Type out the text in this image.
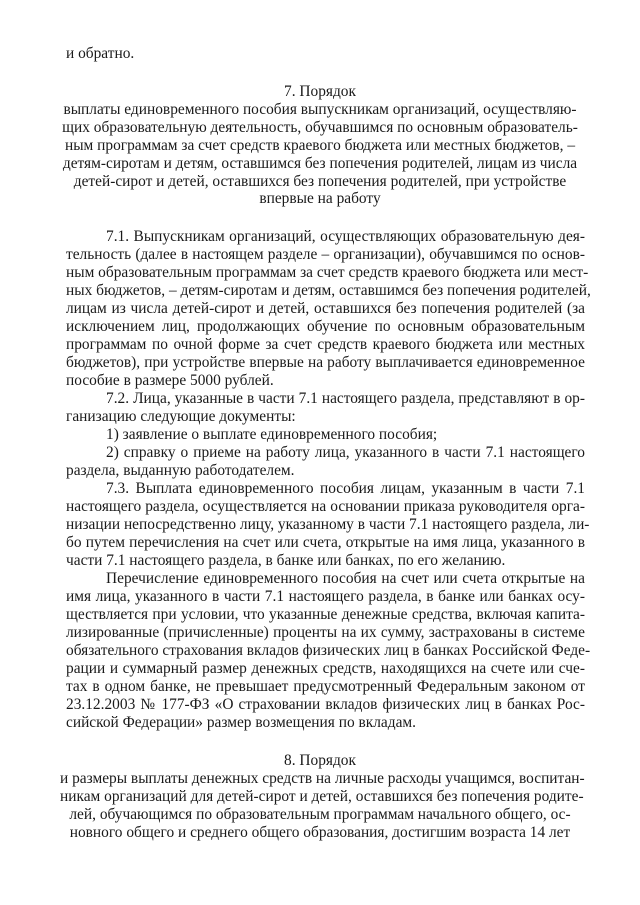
и обратно.
7. Порядок
выплаты единовременного пособия выпускникам организаций, осуществляю-
щих образовательную деятельность, обучавшимся по основным образователь-
ным программам за счет средств краевого бюджета или местных бюджетов, –
детям-сиротам и детям, оставшимся без попечения родителей, лицам из числа
детей-сирот и детей, оставшихся без попечения родителей, при устройстве
впервые на работу
7.1. Выпускникам организаций, осуществляющих образовательную дея-
тельность (далее в настоящем разделе – организации), обучавшимся по основ-
ным образовательным программам за счет средств краевого бюджета или мест-
ных бюджетов, – детям-сиротам и детям, оставшимся без попечения родителей,
лицам из числа детей-сирот и детей, оставшихся без попечения родителей (за
исключением лиц, продолжающих обучение по основным образовательным
программам по очной форме за счет средств краевого бюджета или местных
бюджетов), при устройстве впервые на работу выплачивается единовременное
пособие в размере 5000 рублей.
7.2. Лица, указанные в части 7.1 настоящего раздела, представляют в ор-
ганизацию следующие документы:
1) заявление о выплате единовременного пособия;
2) справку о приеме на работу лица, указанного в части 7.1 настоящего
раздела, выданную работодателем.
7.3. Выплата единовременного пособия лицам, указанным в части 7.1
настоящего раздела, осуществляется на основании приказа руководителя орга-
низации непосредственно лицу, указанному в части 7.1 настоящего раздела, ли-
бо путем перечисления на счет или счета, открытые на имя лица, указанного в
части 7.1 настоящего раздела, в банке или банках, по его желанию.
Перечисление единовременного пособия на счет или счета открытые на
имя лица, указанного в части 7.1 настоящего раздела, в банке или банках осу-
ществляется при условии, что указанные денежные средства, включая капита-
лизированные (причисленные) проценты на их сумму, застрахованы в системе
обязательного страхования вкладов физических лиц в банках Российской Феде-
рации и суммарный размер денежных средств, находящихся на счете или сче-
тах в одном банке, не превышает предусмотренный Федеральным законом от
23.12.2003 № 177-ФЗ «О страховании вкладов физических лиц в банках Рос-
сийской Федерации» размер возмещения по вкладам.
8. Порядок
и размеры выплаты денежных средств на личные расходы учащимся, воспитан-
никам организаций для детей-сирот и детей, оставшихся без попечения родите-
лей, обучающимся по образовательным программам начального общего, ос-
новного общего и среднего общего образования, достигшим возраста 14 лет
